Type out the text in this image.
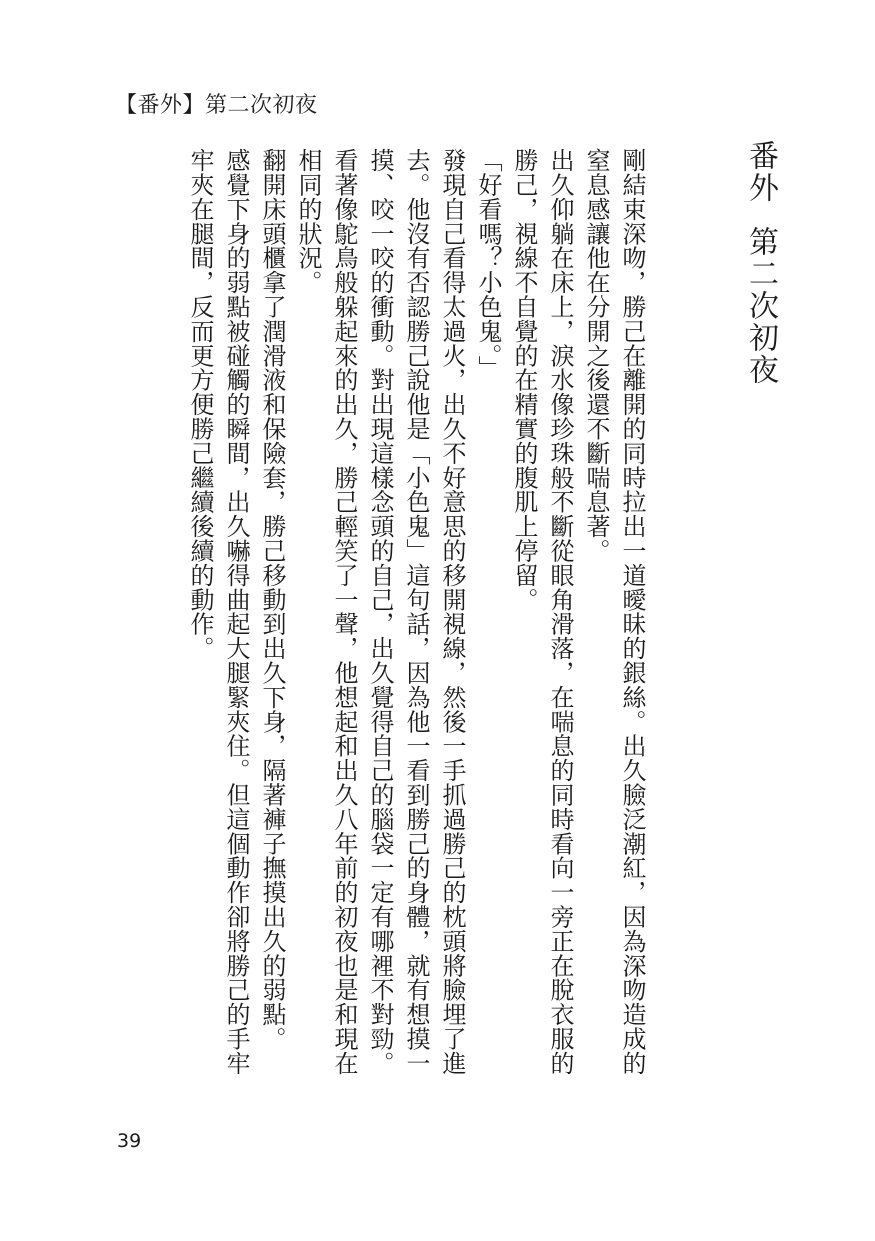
【番外】第二次初夜
番外第二次初夜

剛結束深吻，勝己在離開的同時拉出一道曖昧的銀絲。出久臉泛潮紅，因為深吻造成的窒息感讓他在分開之後還不斷喘息著。

出久仰躺在床上，淚水像珍珠般不斷從眼角滑落，在喘息的同時看向一旁正在脫衣服的勝己，視線不自覺的在精實的腹肌上停留。

「好看嗎？小色鬼。」

發現自己看得太過火，出久不好意思的移開視線，然後一手抓過勝己的枕頭將臉埋了進去。他沒有否認勝己說他是「小色鬼」這句話，因為他一看到勝己的身體，就有想摸一摸、咬一咬的衝動。對出現這樣念頭的自己，出久覺得自己的腦袋一定有哪裡不對勁。

看著像鴕鳥般躲起來的出久，勝己輕笑了一聲，他想起和出久八年前的初夜也是和現在相同的狀況。

翻開床頭櫃拿了潤滑液和保險套，勝己移動到出久下身，隔著褲子撫摸出久的弱點。

感覺下身的弱點被碰觸的瞬間，出久嚇得曲起大腿緊夾住。但這個動作卻將勝己的手牢牢夾在腿間，反而更方便勝己繼續後續的動作。

39
